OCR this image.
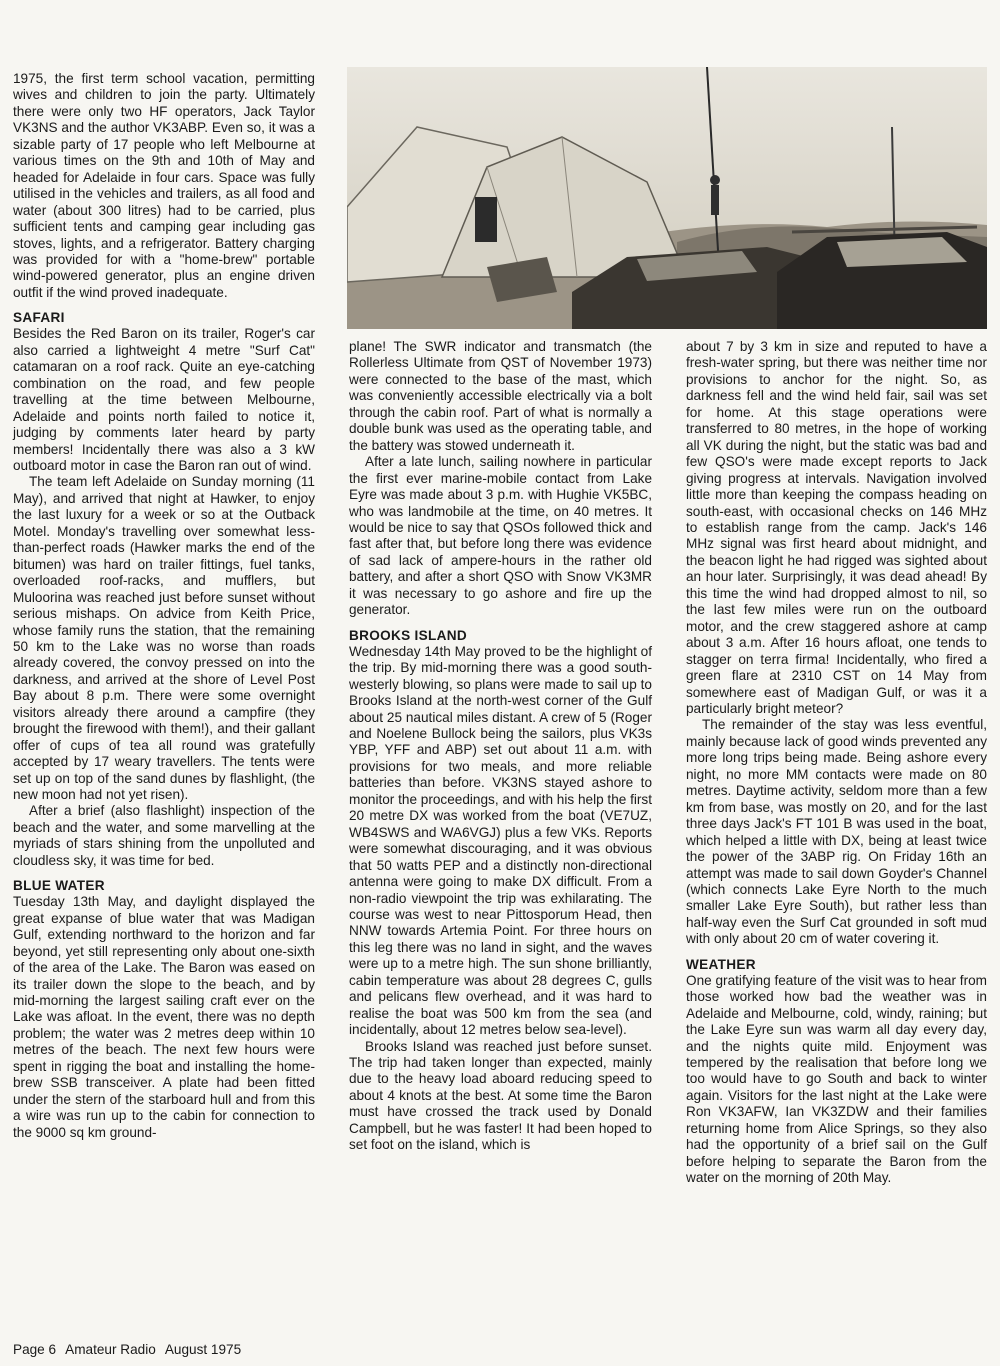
1975, the first term school vacation, permitting wives and children to join the party. Ultimately there were only two HF operators, Jack Taylor VK3NS and the author VK3ABP. Even so, it was a sizable party of 17 people who left Melbourne at various times on the 9th and 10th of May and headed for Adelaide in four cars. Space was fully utilised in the vehicles and trailers, as all food and water (about 300 litres) had to be carried, plus sufficient tents and camping gear including gas stoves, lights, and a refrigerator. Battery charging was provided for with a "home-brew" portable wind-powered generator, plus an engine driven outfit if the wind proved inadequate.

SAFARI

Besides the Red Baron on its trailer, Roger's car also carried a lightweight 4 metre "Surf Cat" catamaran on a roof rack. Quite an eye-catching combination on the road, and few people travelling at the time between Melbourne, Adelaide and points north failed to notice it, judging by comments later heard by party members! Incidentally there was also a 3 kW outboard motor in case the Baron ran out of wind.

The team left Adelaide on Sunday morning (11 May), and arrived that night at Hawker, to enjoy the last luxury for a week or so at the Outback Motel. Monday's travelling over somewhat less-than-perfect roads (Hawker marks the end of the bitumen) was hard on trailer fittings, fuel tanks, overloaded roof-racks, and mufflers, but Muloorina was reached just before sunset without serious mishaps. On advice from Keith Price, whose family runs the station, that the remaining 50 km to the Lake was no worse than roads already covered, the convoy pressed on into the darkness, and arrived at the shore of Level Post Bay about 8 p.m. There were some overnight visitors already there around a campfire (they brought the firewood with them!), and their gallant offer of cups of tea all round was gratefully accepted by 17 weary travellers. The tents were set up on top of the sand dunes by flashlight, (the new moon had not yet risen).

After a brief (also flashlight) inspection of the beach and the water, and some marvelling at the myriads of stars shining from the unpolluted and cloudless sky, it was time for bed.

BLUE WATER

Tuesday 13th May, and daylight displayed the great expanse of blue water that was Madigan Gulf, extending northward to the horizon and far beyond, yet still representing only about one-sixth of the area of the Lake. The Baron was eased on its trailer down the slope to the beach, and by mid-morning the largest sailing craft ever on the Lake was afloat. In the event, there was no depth problem; the water was 2 metres deep within 10 metres of the beach. The next few hours were spent in rigging the boat and installing the home-brew SSB transceiver. A plate had been fitted under the stern of the starboard hull and from this a wire was run up to the cabin for connection to the 9000 sq km ground-

plane! The SWR indicator and transmatch (the Rollerless Ultimate from QST of November 1973) were connected to the base of the mast, which was conveniently accessible electrically via a bolt through the cabin roof. Part of what is normally a double bunk was used as the operating table, and the battery was stowed underneath it.

After a late lunch, sailing nowhere in particular the first ever marine-mobile contact from Lake Eyre was made about 3 p.m. with Hughie VK5BC, who was landmobile at the time, on 40 metres. It would be nice to say that QSOs followed thick and fast after that, but before long there was evidence of sad lack of ampere-hours in the rather old battery, and after a short QSO with Snow VK3MR it was necessary to go ashore and fire up the generator.

BROOKS ISLAND

Wednesday 14th May proved to be the highlight of the trip. By mid-morning there was a good south-westerly blowing, so plans were made to sail up to Brooks Island at the north-west corner of the Gulf about 25 nautical miles distant. A crew of 5 (Roger and Noelene Bullock being the sailors, plus VK3s YBP, YFF and ABP) set out about 11 a.m. with provisions for two meals, and more reliable batteries than before. VK3NS stayed ashore to monitor the proceedings, and with his help the first 20 metre DX was worked from the boat (VE7UZ, WB4SWS and WA6VGJ) plus a few VKs. Reports were somewhat discouraging, and it was obvious that 50 watts PEP and a distinctly non-directional antenna were going to make DX difficult. From a non-radio viewpoint the trip was exhilarating. The course was west to near Pittosporum Head, then NNW towards Artemia Point. For three hours on this leg there was no land in sight, and the waves were up to a metre high. The sun shone brilliantly, cabin temperature was about 28 degrees C, gulls and pelicans flew overhead, and it was hard to realise the boat was 500 km from the sea (and incidentally, about 12 metres below sea-level).

Brooks Island was reached just before sunset. The trip had taken longer than expected, mainly due to the heavy load aboard reducing speed to about 4 knots at the best. At some time the Baron must have crossed the track used by Donald Campbell, but he was faster! It had been hoped to set foot on the island, which is

about 7 by 3 km in size and reputed to have a fresh-water spring, but there was neither time nor provisions to anchor for the night. So, as darkness fell and the wind held fair, sail was set for home. At this stage operations were transferred to 80 metres, in the hope of working all VK during the night, but the static was bad and few QSO's were made except reports to Jack giving progress at intervals. Navigation involved little more than keeping the compass heading on south-east, with occasional checks on 146 MHz to establish range from the camp. Jack's 146 MHz signal was first heard about midnight, and the beacon light he had rigged was sighted about an hour later. Surprisingly, it was dead ahead! By this time the wind had dropped almost to nil, so the last few miles were run on the outboard motor, and the crew staggered ashore at camp about 3 a.m. After 16 hours afloat, one tends to stagger on terra firma! Incidentally, who fired a green flare at 2310 CST on 14 May from somewhere east of Madigan Gulf, or was it a particularly bright meteor?

The remainder of the stay was less eventful, mainly because lack of good winds prevented any more long trips being made. Being ashore every night, no more MM contacts were made on 80 metres. Daytime activity, seldom more than a few km from base, was mostly on 20, and for the last three days Jack's FT 101 B was used in the boat, which helped a little with DX, being at least twice the power of the 3ABP rig. On Friday 16th an attempt was made to sail down Goyder's Channel (which connects Lake Eyre North to the much smaller Lake Eyre South), but rather less than half-way even the Surf Cat grounded in soft mud with only about 20 cm of water covering it.

WEATHER

One gratifying feature of the visit was to hear from those worked how bad the weather was in Adelaide and Melbourne, cold, windy, raining; but the Lake Eyre sun was warm all day every day, and the nights quite mild. Enjoyment was tempered by the realisation that before long we too would have to go South and back to winter again. Visitors for the last night at the Lake were Ron VK3AFW, Ian VK3ZDW and their families returning home from Alice Springs, so they also had the opportunity of a brief sail on the Gulf before helping to separate the Baron from the water on the morning of 20th May.

Page 6 Amateur Radio August 1975
